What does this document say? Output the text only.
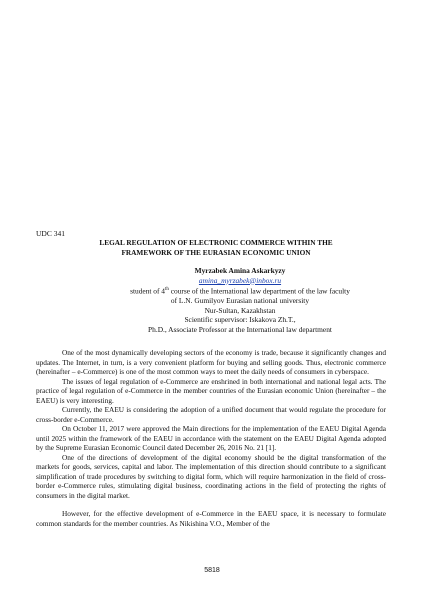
UDC 341
LEGAL REGULATION OF ELECTRONIC COMMERCE WITHIN THE
FRAMEWORK OF THE EURASIAN ECONOMIC UNION
Myrzabek Amina Askarkyzy
amina_myrzabek@inbox.ru
student of 4th course of the International law department of the law faculty
of L.N. Gumilyov Eurasian national university
Nur-Sultan, Kazakhstan
Scientific supervisor: Iskakova Zh.T.,
Ph.D., Associate Professor at the International law department

One of the most dynamically developing sectors of the economy is trade, because it significantly changes and updates. The Internet, in turn, is a very convenient platform for buying and selling goods. Thus, electronic commerce (hereinafter – e-Commerce) is one of the most common ways to meet the daily needs of consumers in cyberspace.

The issues of legal regulation of e-Commerce are enshrined in both international and national legal acts. The practice of legal regulation of e-Commerce in the member countries of the Eurasian economic Union (hereinafter – the EAEU) is very interesting.

Currently, the EAEU is considering the adoption of a unified document that would regulate the procedure for cross-border e-Commerce.

On October 11, 2017 were approved the Main directions for the implementation of the EAEU Digital Agenda until 2025 within the framework of the EAEU in accordance with the statement on the EAEU Digital Agenda adopted by the Supreme Eurasian Economic Council dated December 26, 2016 No. 21 [1].

One of the directions of development of the digital economy should be the digital transformation of the markets for goods, services, capital and labor. The implementation of this direction should contribute to a significant simplification of trade procedures by switching to digital form, which will require harmonization in the field of cross-border e-Commerce rules, stimulating digital business, coordinating actions in the field of protecting the rights of consumers in the digital market.

However, for the effective development of e-Commerce in the EAEU space, it is necessary to formulate common standards for the member countries. As Nikishina V.O., Member of the

5818
